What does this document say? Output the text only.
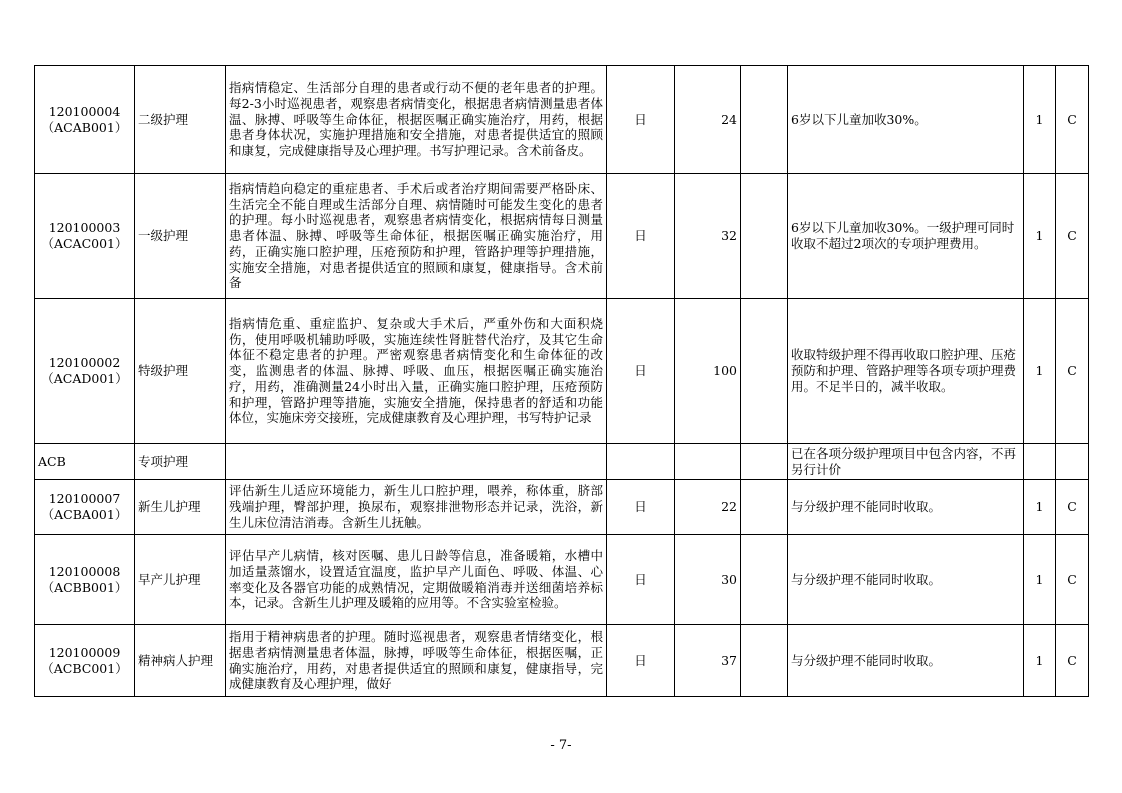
120100004
（ACAB001）	二级护理	指病情稳定、生活部分自理的患者或行动不便的老年患者的护理。每2-3小时巡视患者，观察患者病情变化，根据患者病情测量患者体温、脉搏、呼吸等生命体征，根据医嘱正确实施治疗，用药，根据患者身体状况，实施护理措施和安全措施，对患者提供适宜的照顾和康复，完成健康指导及心理护理。书写护理记录。含术前备皮。	日	24		6岁以下儿童加收30%。	1	C
120100003
（ACAC001）	一级护理	指病情趋向稳定的重症患者、手术后或者治疗期间需要严格卧床、生活完全不能自理或生活部分自理、病情随时可能发生变化的患者的护理。每小时巡视患者，观察患者病情变化，根据病情每日测量患者体温、脉搏、呼吸等生命体征，根据医嘱正确实施治疗，用药，正确实施口腔护理，压疮预防和护理，管路护理等护理措施，实施安全措施，对患者提供适宜的照顾和康复，健康指导。含术前备	日	32		6岁以下儿童加收30%。一级护理可同时收取不超过2项次的专项护理费用。	1	C
120100002
（ACAD001）	特级护理	指病情危重、重症监护、复杂或大手术后，严重外伤和大面积烧伤，使用呼吸机辅助呼吸，实施连续性肾脏替代治疗，及其它生命体征不稳定患者的护理。严密观察患者病情变化和生命体征的改变，监测患者的体温、脉搏、呼吸、血压，根据医嘱正确实施治疗，用药，准确测量24小时出入量，正确实施口腔护理，压疮预防和护理，管路护理等措施，实施安全措施，保持患者的舒适和功能体位，实施床旁交接班，完成健康教育及心理护理，书写特护记录	日	100		收取特级护理不得再收取口腔护理、压疮预防和护理、管路护理等各项专项护理费用。不足半日的，减半收取。	1	C
ACB	专项护理					已在各项分级护理项目中包含内容，不再另行计价		
120100007
（ACBA001）	新生儿护理	评估新生儿适应环境能力，新生儿口腔护理，喂养，称体重，脐部残端护理，臀部护理，换尿布，观察排泄物形态并记录，洗浴，新生儿床位清洁消毒。含新生儿抚触。	日	22		与分级护理不能同时收取。	1	C
120100008
（ACBB001）	早产儿护理	评估早产儿病情，核对医嘱、患儿日龄等信息，准备暖箱，水槽中加适量蒸馏水，设置适宜温度，监护早产儿面色、呼吸、体温、心率变化及各器官功能的成熟情况，定期做暖箱消毒并送细菌培养标本，记录。含新生儿护理及暖箱的应用等。不含实验室检验。	日	30		与分级护理不能同时收取。	1	C
120100009
（ACBC001）	精神病人护理	指用于精神病患者的护理。随时巡视患者，观察患者情绪变化，根据患者病情测量患者体温，脉搏，呼吸等生命体征，根据医嘱，正确实施治疗，用药，对患者提供适宜的照顾和康复，健康指导，完成健康教育及心理护理，做好	日	37		与分级护理不能同时收取。	1	C
- 7-
